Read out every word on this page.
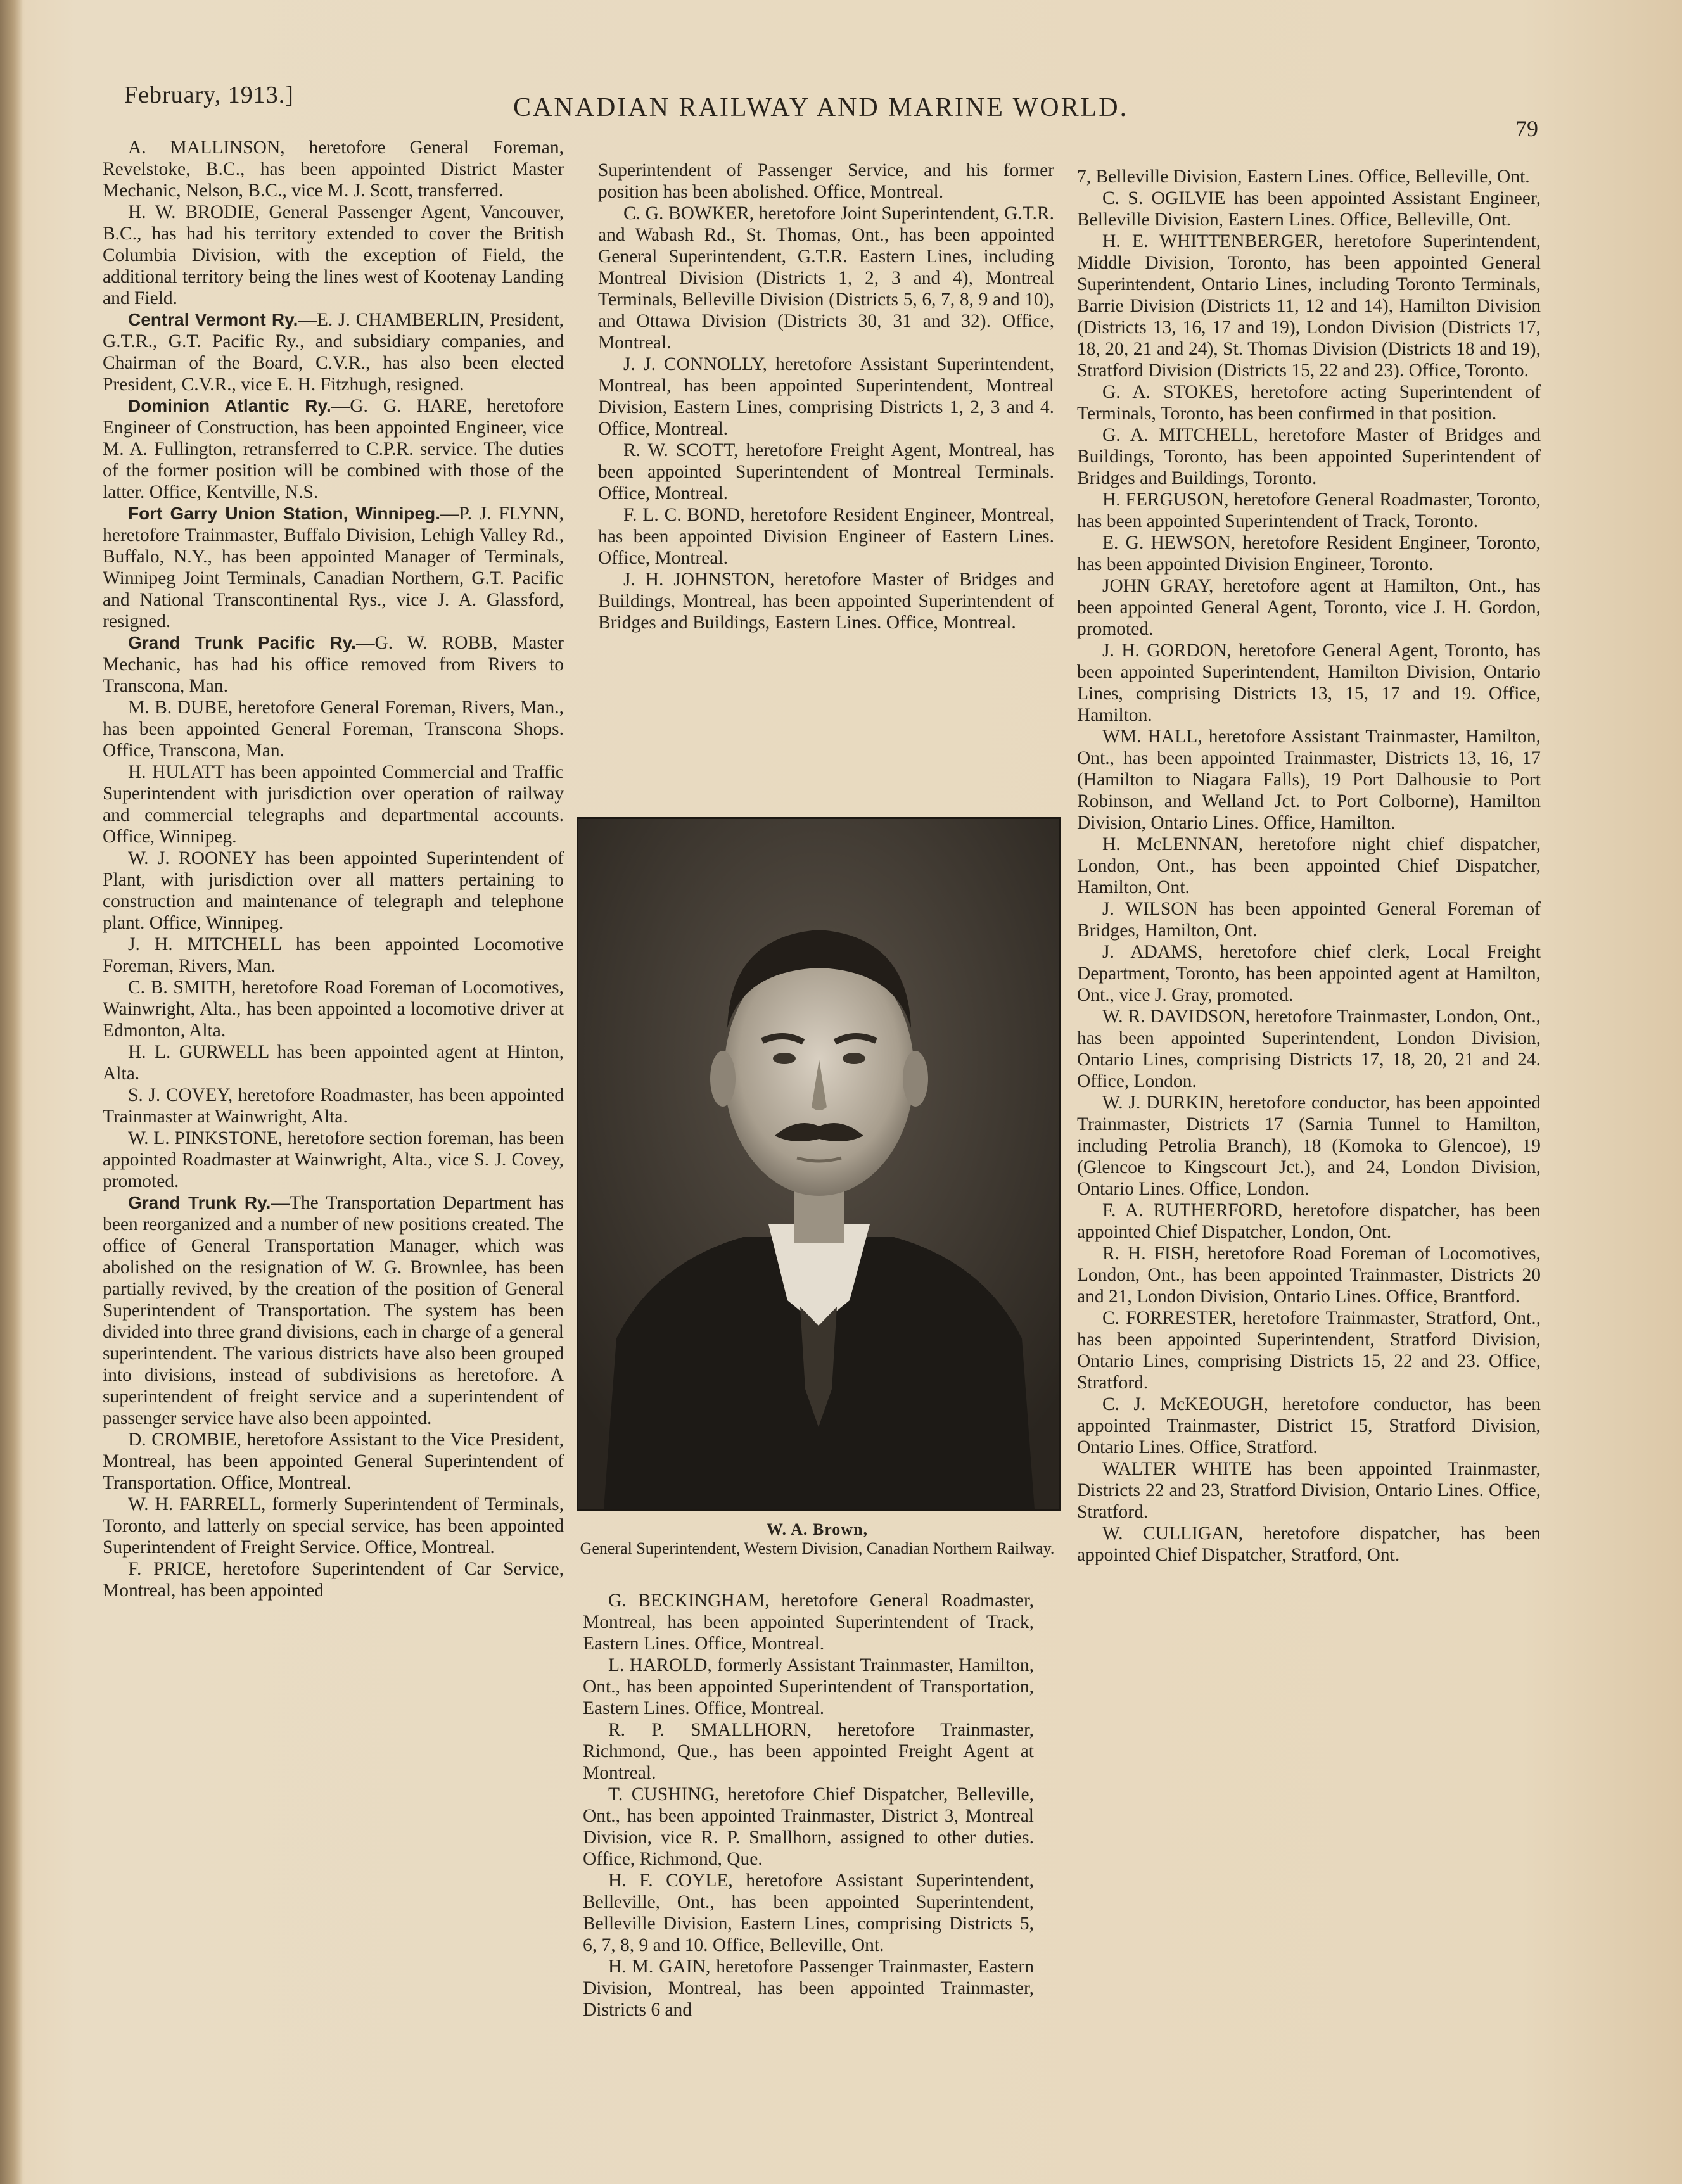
February, 1913.]	CANADIAN RAILWAY AND MARINE WORLD.
79

A. MALLINSON, heretofore General Foreman, Revelstoke, B.C., has been appointed District Master Mechanic, Nelson, B.C., vice M. J. Scott, transferred.

H. W. BRODIE, General Passenger Agent, Vancouver, B.C., has had his territory extended to cover the British Columbia Division, with the exception of Field, the additional territory being the lines west of Kootenay Landing and Field.

Central Vermont Ry.—E. J. CHAMBERLIN, President, G.T.R., G.T. Pacific Ry., and subsidiary companies, and Chairman of the Board, C.V.R., has also been elected President, C.V.R., vice E. H. Fitzhugh, resigned.

Dominion Atlantic Ry.—G. G. HARE, heretofore Engineer of Construction, has been appointed Engineer, vice M. A. Fullington, retransferred to C.P.R. service. The duties of the former position will be combined with those of the latter. Office, Kentville, N.S.

Fort Garry Union Station, Winnipeg.—P. J. FLYNN, heretofore Trainmaster, Buffalo Division, Lehigh Valley Rd., Buffalo, N.Y., has been appointed Manager of Terminals, Winnipeg Joint Terminals, Canadian Northern, G.T. Pacific and National Transcontinental Rys., vice J. A. Glassford, resigned.

Grand Trunk Pacific Ry.—G. W. ROBB, Master Mechanic, has had his office removed from Rivers to Transcona, Man.

M. B. DUBE, heretofore General Foreman, Rivers, Man., has been appointed General Foreman, Transcona Shops. Office, Transcona, Man.

H. HULATT has been appointed Commercial and Traffic Superintendent with jurisdiction over operation of railway and commercial telegraphs and departmental accounts. Office, Winnipeg.

W. J. ROONEY has been appointed Superintendent of Plant, with jurisdiction over all matters pertaining to construction and maintenance of telegraph and telephone plant. Office, Winnipeg.

J. H. MITCHELL has been appointed Locomotive Foreman, Rivers, Man.

C. B. SMITH, heretofore Road Foreman of Locomotives, Wainwright, Alta., has been appointed a locomotive driver at Edmonton, Alta.

H. L. GURWELL has been appointed agent at Hinton, Alta.

S. J. COVEY, heretofore Roadmaster, has been appointed Trainmaster at Wainwright, Alta.

W. L. PINKSTONE, heretofore section foreman, has been appointed Roadmaster at Wainwright, Alta., vice S. J. Covey, promoted.

Grand Trunk Ry.—The Transportation Department has been reorganized and a number of new positions created. The office of General Transportation Manager, which was abolished on the resignation of W. G. Brownlee, has been partially revived, by the creation of the position of General Superintendent of Transportation. The system has been divided into three grand divisions, each in charge of a general superintendent. The various districts have also been grouped into divisions, instead of subdivisions as heretofore. A superintendent of freight service and a superintendent of passenger service have also been appointed.

D. CROMBIE, heretofore Assistant to the Vice President, Montreal, has been appointed General Superintendent of Transportation. Office, Montreal.

W. H. FARRELL, formerly Superintendent of Terminals, Toronto, and latterly on special service, has been appointed Superintendent of Freight Service. Office, Montreal.

F. PRICE, heretofore Superintendent of Car Service, Montreal, has been appointed

Superintendent of Passenger Service, and his former position has been abolished. Office, Montreal.

C. G. BOWKER, heretofore Joint Superintendent, G.T.R. and Wabash Rd., St. Thomas, Ont., has been appointed General Superintendent, G.T.R. Eastern Lines, including Montreal Division (Districts 1, 2, 3 and 4), Montreal Terminals, Belleville Division (Districts 5, 6, 7, 8, 9 and 10), and Ottawa Division (Districts 30, 31 and 32). Office, Montreal.

J. J. CONNOLLY, heretofore Assistant Superintendent, Montreal, has been appointed Superintendent, Montreal Division, Eastern Lines, comprising Districts 1, 2, 3 and 4. Office, Montreal.

R. W. SCOTT, heretofore Freight Agent, Montreal, has been appointed Superintendent of Montreal Terminals. Office, Montreal.

F. L. C. BOND, heretofore Resident Engineer, Montreal, has been appointed Division Engineer of Eastern Lines. Office, Montreal.

J. H. JOHNSTON, heretofore Master of Bridges and Buildings, Montreal, has been appointed Superintendent of Bridges and Buildings, Eastern Lines. Office, Montreal.

W. A. Brown,
General Superintendent, Western Division, Canadian Northern Railway.

G. BECKINGHAM, heretofore General Roadmaster, Montreal, has been appointed Superintendent of Track, Eastern Lines. Office, Montreal.

L. HAROLD, formerly Assistant Trainmaster, Hamilton, Ont., has been appointed Superintendent of Transportation, Eastern Lines. Office, Montreal.

R. P. SMALLHORN, heretofore Trainmaster, Richmond, Que., has been appointed Freight Agent at Montreal.

T. CUSHING, heretofore Chief Dispatcher, Belleville, Ont., has been appointed Trainmaster, District 3, Montreal Division, vice R. P. Smallhorn, assigned to other duties. Office, Richmond, Que.

H. F. COYLE, heretofore Assistant Superintendent, Belleville, Ont., has been appointed Superintendent, Belleville Division, Eastern Lines, comprising Districts 5, 6, 7, 8, 9 and 10. Office, Belleville, Ont.

H. M. GAIN, heretofore Passenger Trainmaster, Eastern Division, Montreal, has been appointed Trainmaster, Districts 6 and

7, Belleville Division, Eastern Lines. Office, Belleville, Ont.

C. S. OGILVIE has been appointed Assistant Engineer, Belleville Division, Eastern Lines. Office, Belleville, Ont.

H. E. WHITTENBERGER, heretofore Superintendent, Middle Division, Toronto, has been appointed General Superintendent, Ontario Lines, including Toronto Terminals, Barrie Division (Districts 11, 12 and 14), Hamilton Division (Districts 13, 16, 17 and 19), London Division (Districts 17, 18, 20, 21 and 24), St. Thomas Division (Districts 18 and 19), Stratford Division (Districts 15, 22 and 23). Office, Toronto.

G. A. STOKES, heretofore acting Superintendent of Terminals, Toronto, has been confirmed in that position.

G. A. MITCHELL, heretofore Master of Bridges and Buildings, Toronto, has been appointed Superintendent of Bridges and Buildings, Toronto.

H. FERGUSON, heretofore General Roadmaster, Toronto, has been appointed Superintendent of Track, Toronto.

E. G. HEWSON, heretofore Resident Engineer, Toronto, has been appointed Division Engineer, Toronto.

JOHN GRAY, heretofore agent at Hamilton, Ont., has been appointed General Agent, Toronto, vice J. H. Gordon, promoted.

J. H. GORDON, heretofore General Agent, Toronto, has been appointed Superintendent, Hamilton Division, Ontario Lines, comprising Districts 13, 15, 17 and 19. Office, Hamilton.

WM. HALL, heretofore Assistant Trainmaster, Hamilton, Ont., has been appointed Trainmaster, Districts 13, 16, 17 (Hamilton to Niagara Falls), 19 Port Dalhousie to Port Robinson, and Welland Jct. to Port Colborne), Hamilton Division, Ontario Lines. Office, Hamilton.

H. McLENNAN, heretofore night chief dispatcher, London, Ont., has been appointed Chief Dispatcher, Hamilton, Ont.

J. WILSON has been appointed General Foreman of Bridges, Hamilton, Ont.

J. ADAMS, heretofore chief clerk, Local Freight Department, Toronto, has been appointed agent at Hamilton, Ont., vice J. Gray, promoted.

W. R. DAVIDSON, heretofore Trainmaster, London, Ont., has been appointed Superintendent, London Division, Ontario Lines, comprising Districts 17, 18, 20, 21 and 24. Office, London.

W. J. DURKIN, heretofore conductor, has been appointed Trainmaster, Districts 17 (Sarnia Tunnel to Hamilton, including Petrolia Branch), 18 (Komoka to Glencoe), 19 (Glencoe to Kingscourt Jct.), and 24, London Division, Ontario Lines. Office, London.

F. A. RUTHERFORD, heretofore dispatcher, has been appointed Chief Dispatcher, London, Ont.

R. H. FISH, heretofore Road Foreman of Locomotives, London, Ont., has been appointed Trainmaster, Districts 20 and 21, London Division, Ontario Lines. Office, Brantford.

C. FORRESTER, heretofore Trainmaster, Stratford, Ont., has been appointed Superintendent, Stratford Division, Ontario Lines, comprising Districts 15, 22 and 23. Office, Stratford.

C. J. McKEOUGH, heretofore conductor, has been appointed Trainmaster, District 15, Stratford Division, Ontario Lines. Office, Stratford.

WALTER WHITE has been appointed Trainmaster, Districts 22 and 23, Stratford Division, Ontario Lines. Office, Stratford.

W. CULLIGAN, heretofore dispatcher, has been appointed Chief Dispatcher, Stratford, Ont.
